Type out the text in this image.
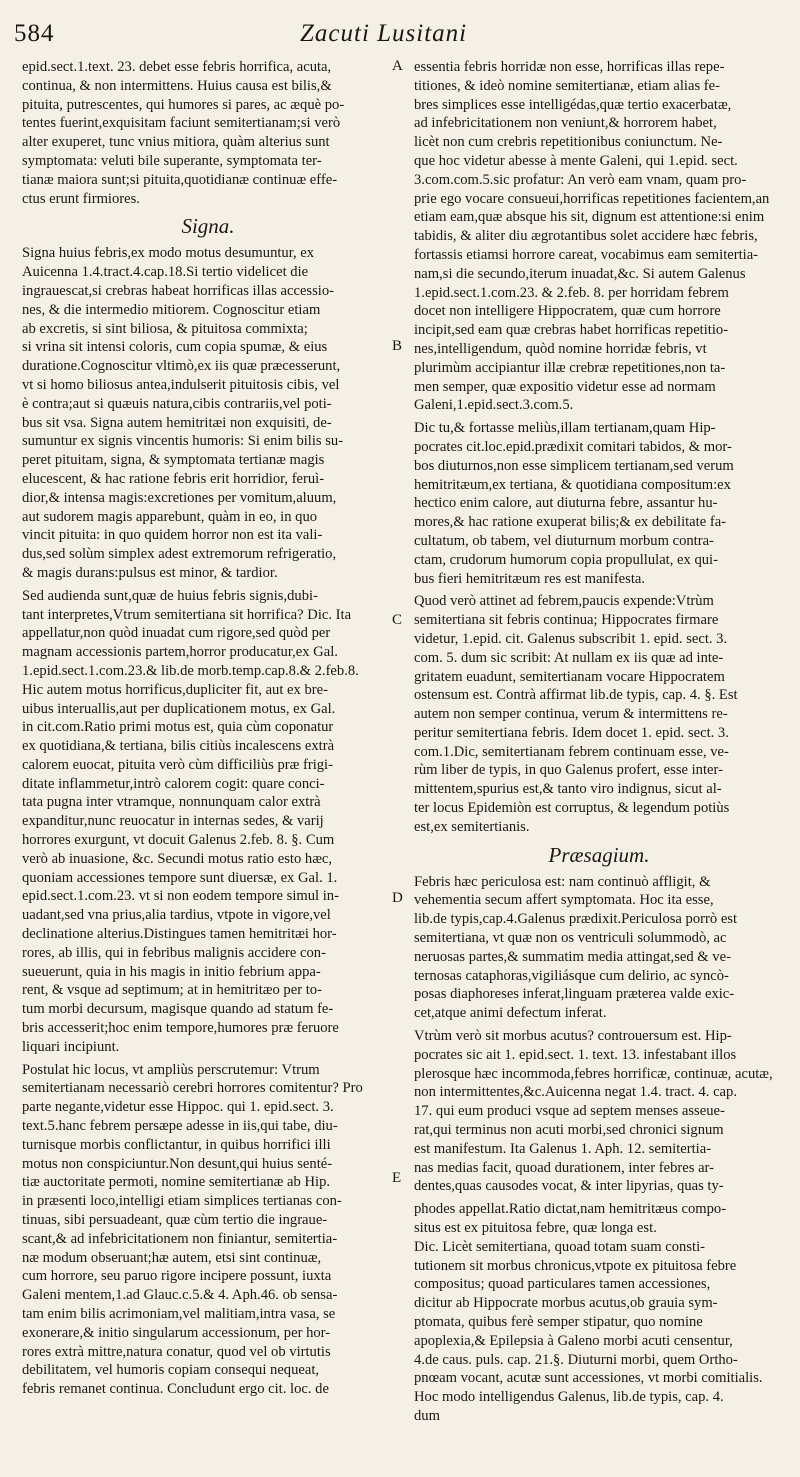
584	Zacuti Lusitani
A
B
C
D
E
epid.sect.1.text. 23. debet esse febris horrifica, acuta,
continua, & non intermittens. Huius causa est bilis,&
pituita, putrescentes, qui humores si pares, ac æquè po-
tentes fuerint,exquisitam faciunt semitertianam;si verò
alter exuperet, tunc vnius mitiora, quàm alterius sunt
symptomata: veluti bile superante, symptomata ter-
tianæ maiora sunt;si pituita,quotidianæ continuæ effe-
ctus erunt firmiores.
Signa.
Signa huius febris,ex modo motus desumuntur, ex
Auicenna 1.4.tract.4.cap.18.Si tertio videlicet die
ingrauescat,si crebras habeat horrificas illas accessio-
nes, & die intermedio mitiorem. Cognoscitur etiam
ab excretis, si sint biliosa, & pituitosa commixta;
si vrina sit intensi coloris, cum copia spumæ, & eius
duratione.Cognoscitur vltimò,ex iis quæ præcesserunt,
vt si homo biliosus antea,indulserit pituitosis cibis, vel
è contra;aut si quæuis natura,cibis contrariis,vel poti-
bus sit vsa. Signa autem hemitritæi non exquisiti, de-
sumuntur ex signis vincentis humoris: Si enim bilis su-
peret pituitam, signa, & symptomata tertianæ magis
elucescent, & hac ratione febris erit horridior, feruì-
dior,& intensa magis:excretiones per vomitum,aluum,
aut sudorem magis apparebunt, quàm in eo, in quo
vincit pituita: in quo quidem horror non est ita vali-
dus,sed solùm simplex adest extremorum refrigeratio,
& magis durans:pulsus est minor, & tardior.
Sed audienda sunt,quæ de huius febris signis,dubi-
tant interpretes,Vtrum semitertiana sit horrifica? Dic. Ita
appellatur,non quòd inuadat cum rigore,sed quòd per
magnam accessionis partem,horror producatur,ex Gal.
1.epid.sect.1.com.23.& lib.de morb.temp.cap.8.& 2.feb.8.
Hic autem motus horrificus,dupliciter fit, aut ex bre-
uibus interuallis,aut per duplicationem motus, ex Gal.
in cit.com.Ratio primi motus est, quia cùm coponatur
ex quotidiana,& tertiana, bilis citiùs incalescens extrà
calorem euocat, pituita verò cùm difficiliùs præ frigi-
ditate inflammetur,intrò calorem cogit: quare conci-
tata pugna inter vtramque, nonnunquam calor extrà
expanditur,nunc reuocatur in internas sedes, & varij
horrores exurgunt, vt docuit Galenus 2.feb. 8. §. Cum
verò ab inuasione, &c. Secundi motus ratio esto hæc,
quoniam accessiones tempore sunt diuersæ, ex Gal. 1.
epid.sect.1.com.23. vt si non eodem tempore simul in-
uadant,sed vna prius,alia tardius, vtpote in vigore,vel
declinatione alterius.Distingues tamen hemitritæi hor-
rores, ab illis, qui in febribus malignis accidere con-
sueuerunt, quia in his magis in initio febrium appa-
rent, & vsque ad septimum; at in hemitritæo per to-
tum morbi decursum, magisque quando ad statum fe-
bris accesserit;hoc enim tempore,humores præ feruore
liquari incipiunt.
Postulat hic locus, vt ampliùs perscrutemur: Vtrum
semitertianam necessariò cerebri horrores comitentur? Pro
parte negante,videtur esse Hippoc. qui 1. epid.sect. 3.
text.5.hanc febrem persæpe adesse in iis,qui tabe, diu-
turnisque morbis conflictantur, in quibus horrifici illi
motus non conspiciuntur.Non desunt,qui huius senté-
tiæ auctoritate permoti, nomine semitertianæ ab Hip.
in præsenti loco,intelligi etiam simplices tertianas con-
tinuas, sibi persuadeant, quæ cùm tertio die ingraue-
scant,& ad infebricitationem non finiantur, semitertia-
næ modum obseruant;hæ autem, etsi sint continuæ,
cum horrore, seu paruo rigore incipere possunt, iuxta
Galeni mentem,1.ad Glauc.c.5.& 4. Aph.46. ob sensa-
tam enim bilis acrimoniam,vel malitiam,intra vasa, se
exonerare,& initio singularum accessionum, per hor-
rores extrà mittre,natura conatur, quod vel ob virtutis
debilitatem, vel humoris copiam consequi nequeat,
febris remanet continua. Concludunt ergo cit. loc. de
essentia febris horridæ non esse, horrificas illas repe-
titiones, & ideò nomine semitertianæ, etiam alias fe-
bres simplices esse intelligédas,quæ tertio exacerbatæ,
ad infebricitationem non veniunt,& horrorem habet,
licèt non cum crebris repetitionibus coniunctum. Ne-
que hoc videtur abesse à mente Galeni, qui 1.epid. sect.
3.com.com.5.sic profatur: An verò eam vnam, quam pro-
prie ego vocare consueui,horrificas repetitiones facientem,an
etiam eam,quæ absque his sit, dignum est attentione:si enim
tabidis, & aliter diu ægrotantibus solet accidere hæc febris,
fortassis etiamsi horrore careat, vocabimus eam semitertia-
nam,si die secundo,iterum inuadat,&c. Si autem Galenus
1.epid.sect.1.com.23. & 2.feb. 8. per horridam febrem
docet non intelligere Hippocratem, quæ cum horrore
incipit,sed eam quæ crebras habet horrificas repetitio-
nes,intelligendum, quòd nomine horridæ febris, vt
plurimùm accipiantur illæ crebræ repetitiones,non ta-
men semper, quæ expositio videtur esse ad normam
Galeni,1.epid.sect.3.com.5.
Dic tu,& fortasse meliùs,illam tertianam,quam Hip-
pocrates cit.loc.epid.prædixit comitari tabidos, & mor-
bos diuturnos,non esse simplicem tertianam,sed verum
hemitritæum,ex tertiana, & quotidiana compositum:ex
hectico enim calore, aut diuturna febre, assantur hu-
mores,& hac ratione exuperat bilis;& ex debilitate fa-
cultatum, ob tabem, vel diuturnum morbum contra-
ctam, crudorum humorum copia propullulat, ex qui-
bus fieri hemitritæum res est manifesta.
Quod verò attinet ad febrem,paucis expende:Vtrùm
semitertiana sit febris continua; Hippocrates firmare
videtur, 1.epid. cit. Galenus subscribit 1. epid. sect. 3.
com. 5. dum sic scribit: At nullam ex iis quæ ad inte-
gritatem euadunt, semitertianam vocare Hippocratem
ostensum est. Contrà affirmat lib.de typis, cap. 4. §. Est
autem non semper continua, verum & intermittens re-
peritur semitertiana febris. Idem docet 1. epid. sect. 3.
com.1.Dic, semitertianam febrem continuam esse, ve-
rùm liber de typis, in quo Galenus profert, esse inter-
mittentem,spurius est,& tanto viro indignus, sicut al-
ter locus Epidemiòn est corruptus, & legendum potiùs
est,ex semitertianis.
Præsagium.
Febris hæc periculosa est: nam continuò affligit, &
vehementia secum affert symptomata. Hoc ita esse,
lib.de typis,cap.4.Galenus prædixit.Periculosa porrò est
semitertiana, vt quæ non os ventriculi solummodò, ac
neruosas partes,& summatim media attingat,sed & ve-
ternosas cataphoras,vigiliásque cum delirio, ac syncò-
posas diaphoreses inferat,linguam præterea valde exic-
cet,atque animi defectum inferat.
Vtrùm verò sit morbus acutus? controuersum est. Hip-
pocrates sic ait 1. epid.sect. 1. text. 13. infestabant illos
plerosque hæc incommoda,febres horrificæ, continuæ, acutæ,
non intermittentes,&c.Auicenna negat 1.4. tract. 4. cap.
17. qui eum produci vsque ad septem menses asseue-
rat,qui terminus non acuti morbi,sed chronici signum
est manifestum. Ita Galenus 1. Aph. 12. semitertia-
nas medias facit, quoad durationem, inter febres ar-
dentes,quas causodes vocat, & inter lipyrias, quas ty-
phodes appellat.Ratio dictat,nam hemitritæus compo-
situs est ex pituitosa febre, quæ longa est.
Dic. Licèt semitertiana, quoad totam suam consti-
tutionem sit morbus chronicus,vtpote ex pituitosa febre
compositus; quoad particulares tamen accessiones,
dicitur ab Hippocrate morbus acutus,ob grauia sym-
ptomata, quibus ferè semper stipatur, quo nomine
apoplexia,& Epilepsia à Galeno morbi acuti censentur,
4.de caus. puls. cap. 21.§. Diuturni morbi, quem Ortho-
pnœam vocant, acutæ sunt accessiones, vt morbi comitialis.
Hoc modo intelligendus Galenus, lib.de typis, cap. 4.
dum
